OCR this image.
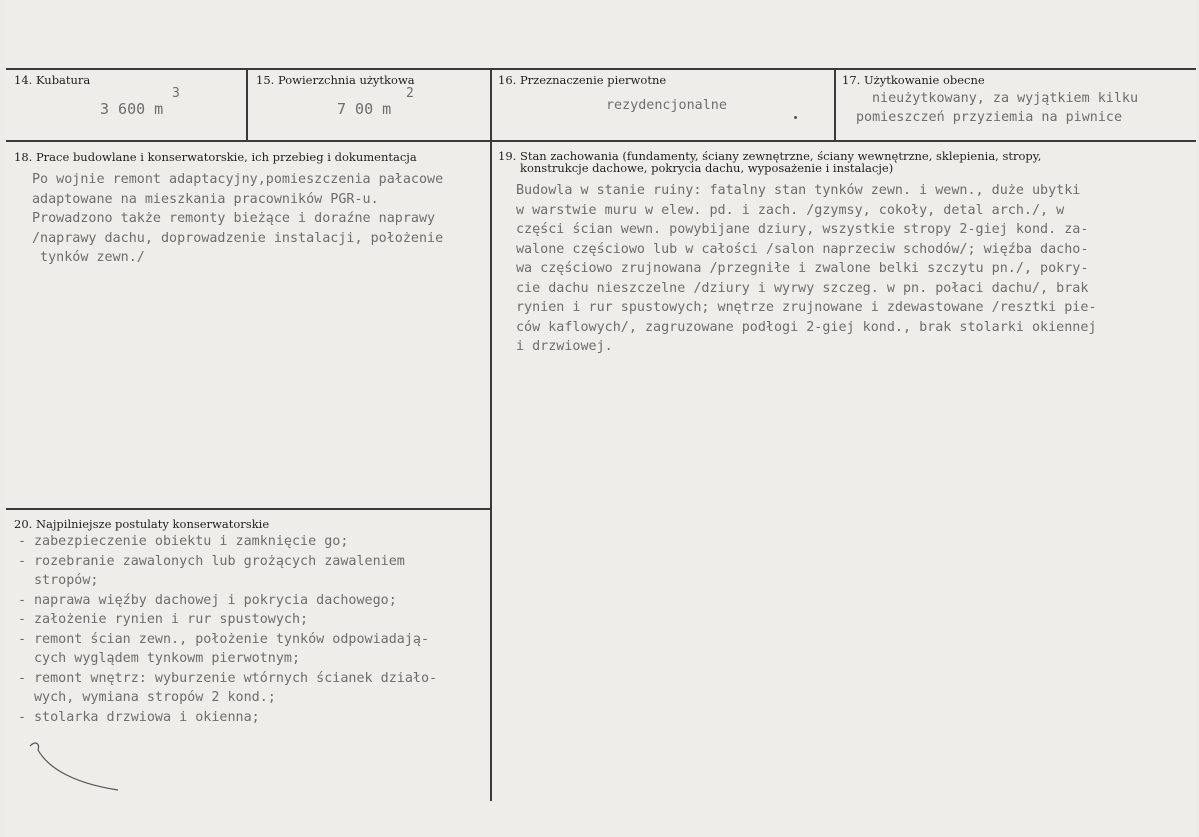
14. Kubatura
3 600 m
3
15. Powierzchnia użytkowa
7 00 m
2
16. Przeznaczenie pierwotne
rezydencjonalne
17. Użytkowanie obecne
nieużytkowany, za wyjątkiem kilku
pomieszczeń przyziemia na piwnice
18. Prace budowlane i konserwatorskie, ich przebieg i dokumentacja
Po wojnie remont adaptacyjny,pomieszczenia pałacowe
adaptowane na mieszkania pracowników PGR-u.
Prowadzono także remonty bieżące i doraźne naprawy
/naprawy dachu, doprowadzenie instalacji, położenie
tynków zewn./
19. Stan zachowania (fundamenty, ściany zewnętrzne, ściany wewnętrzne, sklepienia, stropy,
konstrukcje dachowe, pokrycia dachu, wyposażenie i instalacje)
Budowla w stanie ruiny: fatalny stan tynków zewn. i wewn., duże ubytki
w warstwie muru w elew. pd. i zach. /gzymsy, cokoły, detal arch./, w
części ścian wewn. powybijane dziury, wszystkie stropy 2-giej kond. za-
walone częściowo lub w całości /salon naprzeciw schodów/; więźba dacho-
wa częściowo zrujnowana /przegniłe i zwalone belki szczytu pn./, pokry-
cie dachu nieszczelne /dziury i wyrwy szczeg. w pn. połaci dachu/, brak
rynien i rur spustowych; wnętrze zrujnowane i zdewastowane /resztki pie-
ców kaflowych/, zagruzowane podłogi 2-giej kond., brak stolarki okiennej
i drzwiowej.
20. Najpilniejsze postulaty konserwatorskie
- zabezpieczenie obiektu i zamknięcie go;
- rozebranie zawalonych lub grożących zawaleniem
stropów;
- naprawa więźby dachowej i pokrycia dachowego;
- założenie rynien i rur spustowych;
- remont ścian zewn., położenie tynków odpowiadają-
cych wyglądem tynkowm pierwotnym;
- remont wnętrz: wyburzenie wtórnych ścianek działo-
wych, wymiana stropów 2 kond.;
- stolarka drzwiowa i okienna;
